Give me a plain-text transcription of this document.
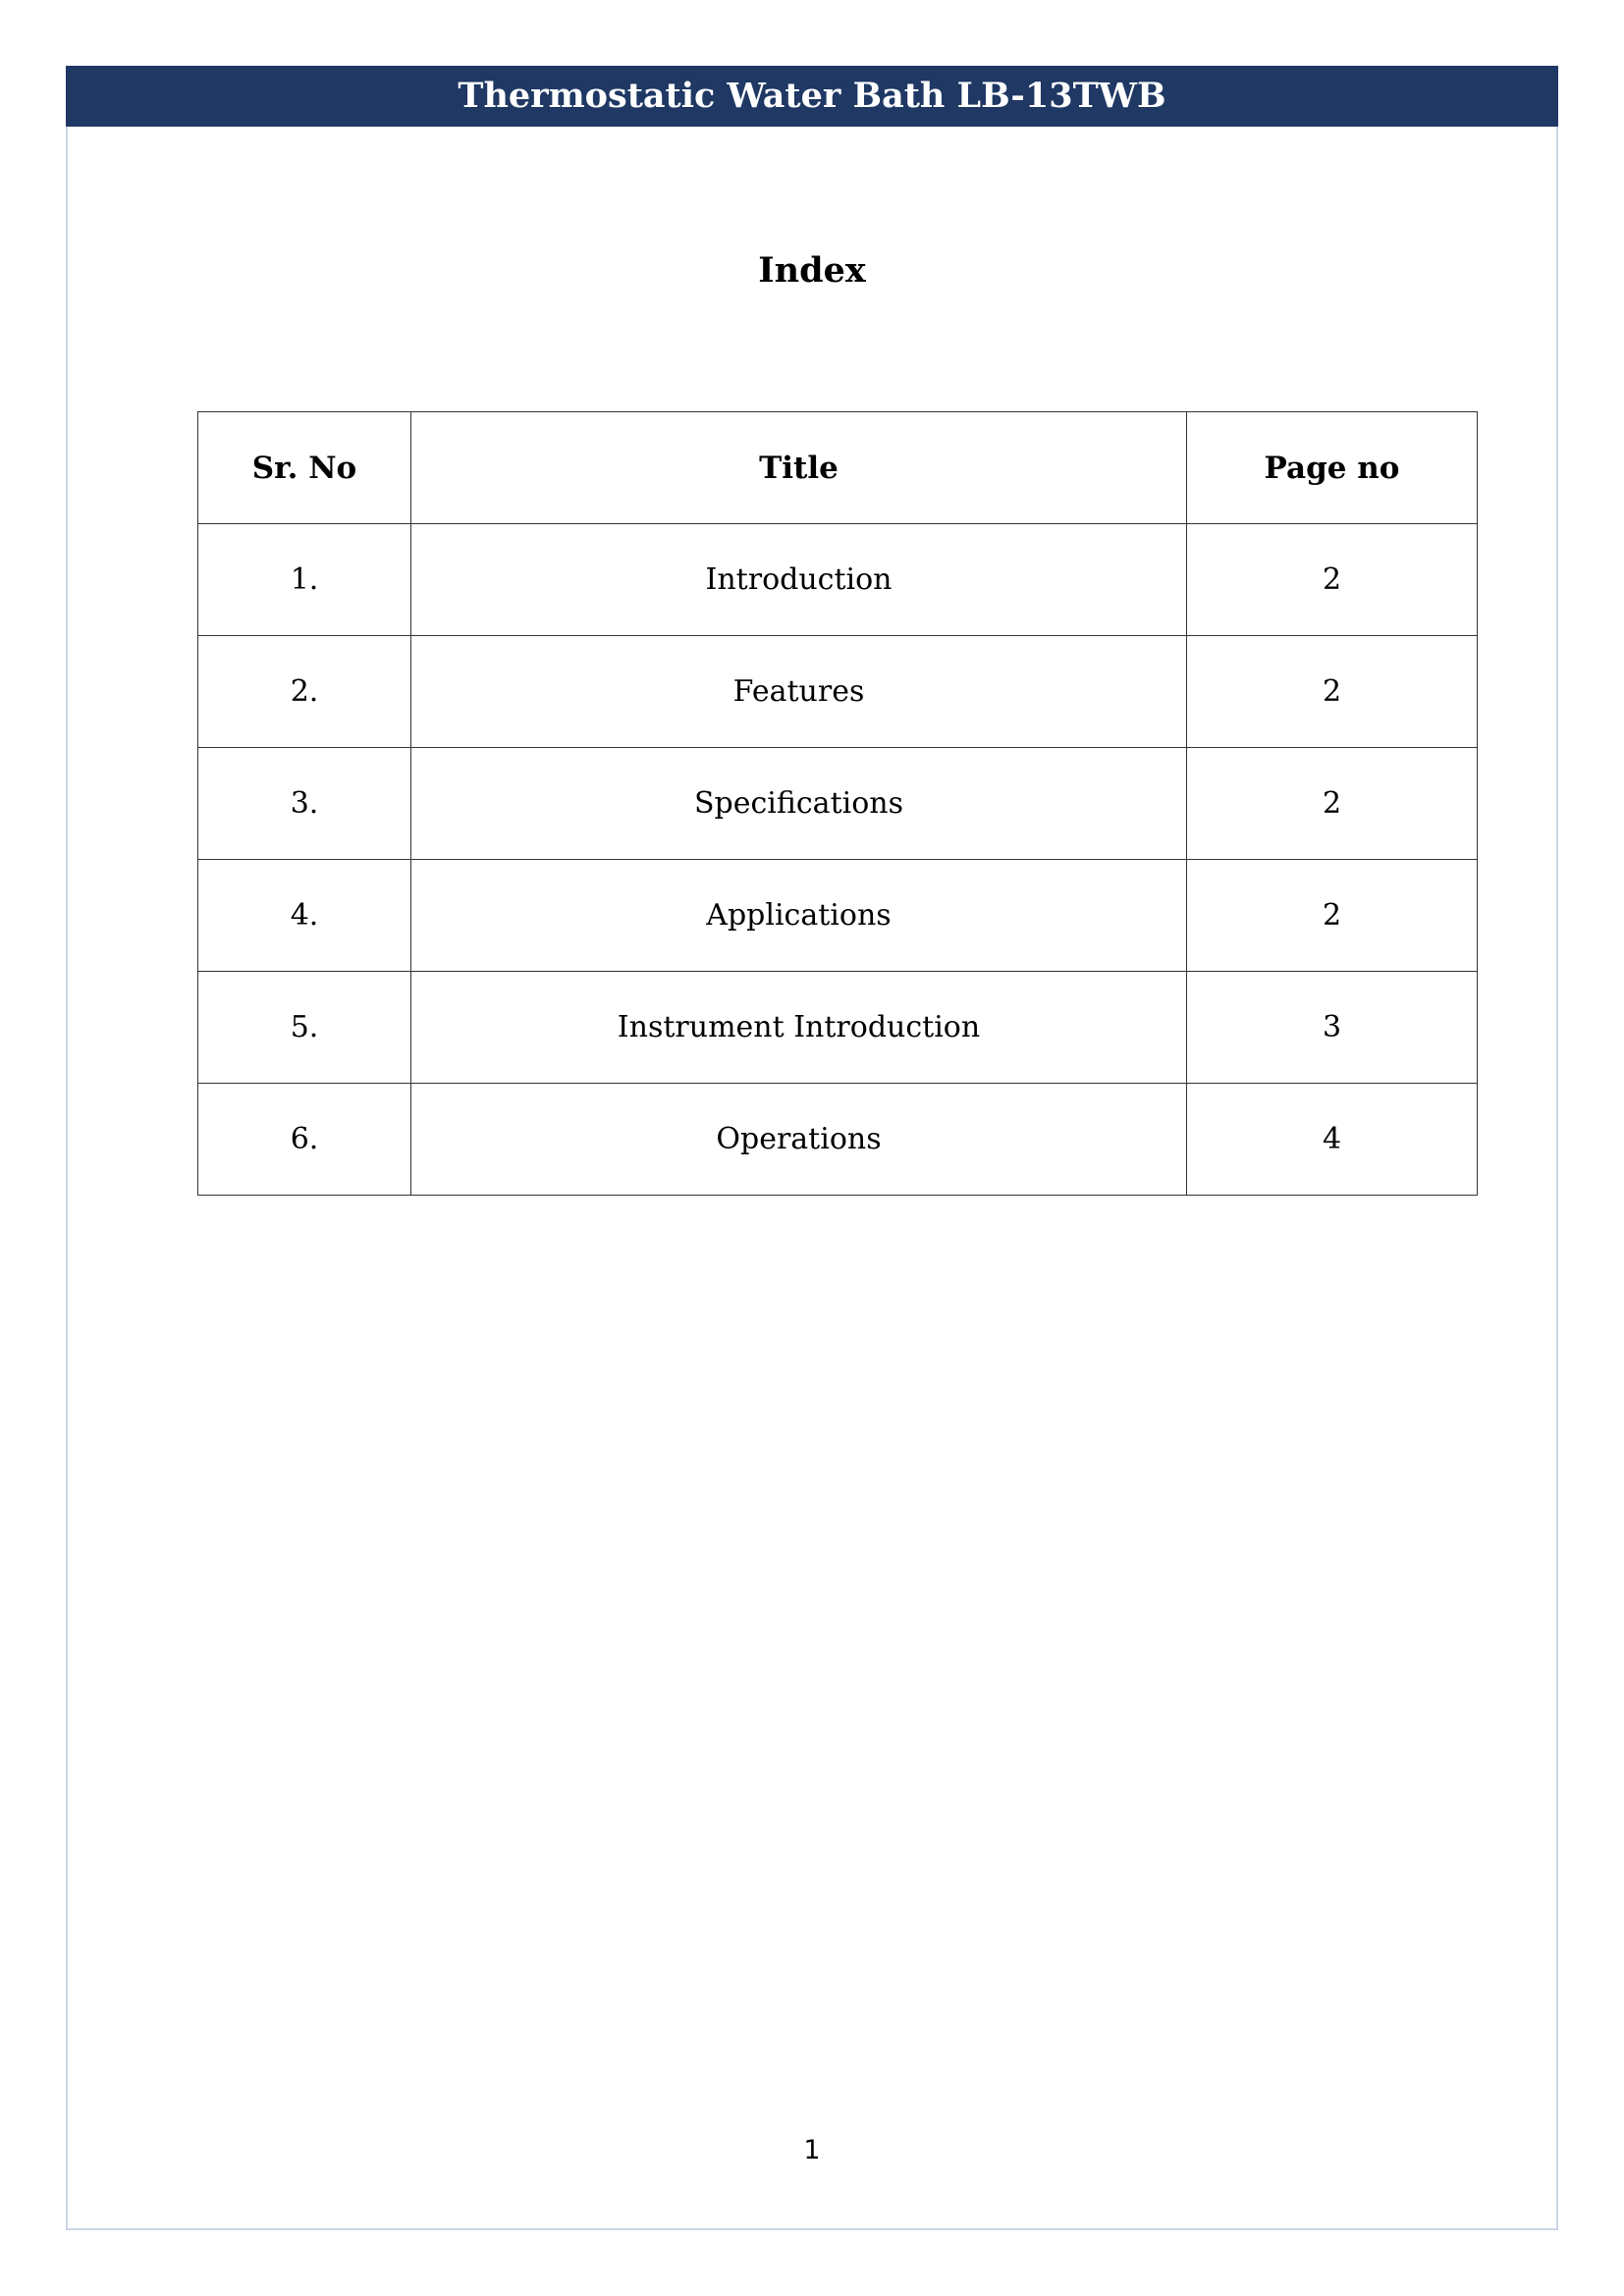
Thermostatic Water Bath LB-13TWB
Index
Sr. No	Title	Page no
1.	Introduction	2
2.	Features	2
3.	Specifications	2
4.	Applications	2
5.	Instrument Introduction	3
6.	Operations	4
1
